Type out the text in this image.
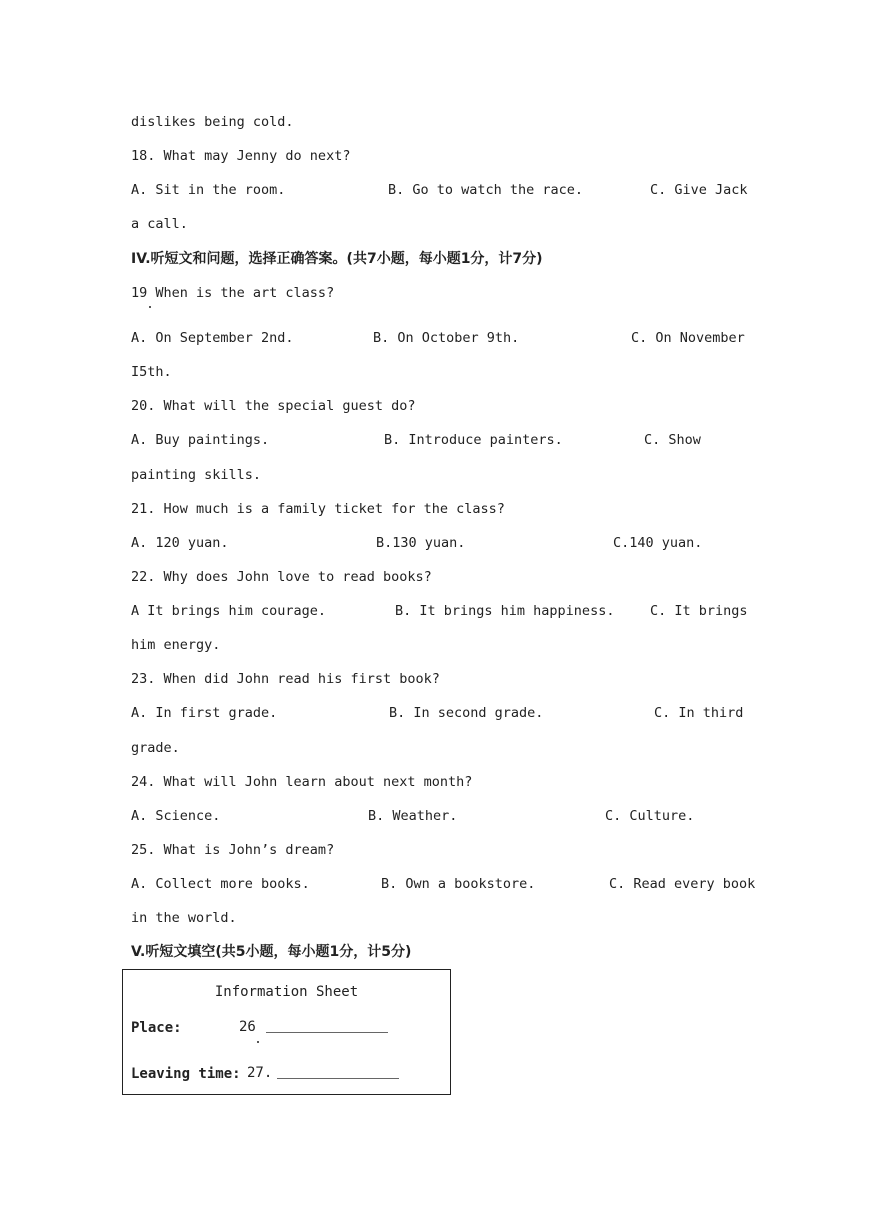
dislikes being cold.
18. What may Jenny do next?
A. Sit in the room.	B. Go to watch the race.	C. Give Jack
a call.
IV.听短文和问题，选择正确答案。(共7小题，每小题1分，计7分)
19 When is the art class?
A. On September 2nd.	B. On October 9th.	C. On November
I5th.
20. What will the special guest do?
A. Buy paintings.	B. Introduce painters.	C. Show
painting skills.
21. How much is a family ticket for the class?
A. 120 yuan.	B.130 yuan.	C.140 yuan.
22. Why does John love to read books?
A It brings him courage.	B. It brings him happiness.	C. It brings
him energy.
23. When did John read his first book?
A. In first grade.	B. In second grade.	C. In third
grade.
24. What will John learn about next month?
A. Science.	B. Weather.	C. Culture.
25. What is John’s dream?
A. Collect more books.	B. Own a bookstore.	C. Read every book
in the world.
V.听短文填空(共5小题，每小题1分，计5分)
Information Sheet
Place:	26
Leaving time: 27.
